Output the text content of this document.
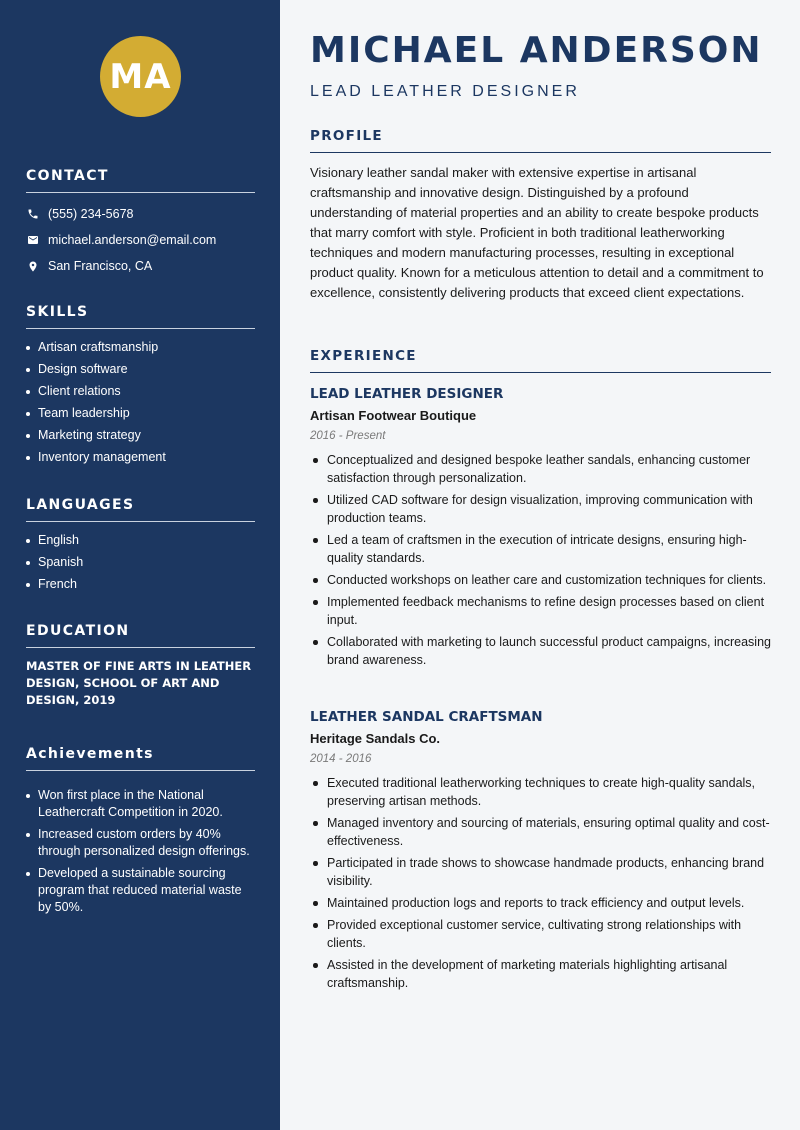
MA
CONTACT
(555) 234-5678
michael.anderson@email.com
San Francisco, CA
SKILLS
Artisan craftsmanship
Design software
Client relations
Team leadership
Marketing strategy
Inventory management
LANGUAGES
English
Spanish
French
EDUCATION
MASTER OF FINE ARTS IN LEATHER DESIGN, SCHOOL OF ART AND DESIGN, 2019
Achievements
Won first place in the National Leathercraft Competition in 2020.
Increased custom orders by 40% through personalized design offerings.
Developed a sustainable sourcing program that reduced material waste by 50%.
MICHAEL ANDERSON
LEAD LEATHER DESIGNER
PROFILE
Visionary leather sandal maker with extensive expertise in artisanal craftsmanship and innovative design. Distinguished by a profound understanding of material properties and an ability to create bespoke products that marry comfort with style. Proficient in both traditional leatherworking techniques and modern manufacturing processes, resulting in exceptional product quality. Known for a meticulous attention to detail and a commitment to excellence, consistently delivering products that exceed client expectations.
EXPERIENCE
LEAD LEATHER DESIGNER
Artisan Footwear Boutique
2016 - Present
Conceptualized and designed bespoke leather sandals, enhancing customer satisfaction through personalization.
Utilized CAD software for design visualization, improving communication with production teams.
Led a team of craftsmen in the execution of intricate designs, ensuring high-quality standards.
Conducted workshops on leather care and customization techniques for clients.
Implemented feedback mechanisms to refine design processes based on client input.
Collaborated with marketing to launch successful product campaigns, increasing brand awareness.
LEATHER SANDAL CRAFTSMAN
Heritage Sandals Co.
2014 - 2016
Executed traditional leatherworking techniques to create high-quality sandals, preserving artisan methods.
Managed inventory and sourcing of materials, ensuring optimal quality and cost-effectiveness.
Participated in trade shows to showcase handmade products, enhancing brand visibility.
Maintained production logs and reports to track efficiency and output levels.
Provided exceptional customer service, cultivating strong relationships with clients.
Assisted in the development of marketing materials highlighting artisanal craftsmanship.
